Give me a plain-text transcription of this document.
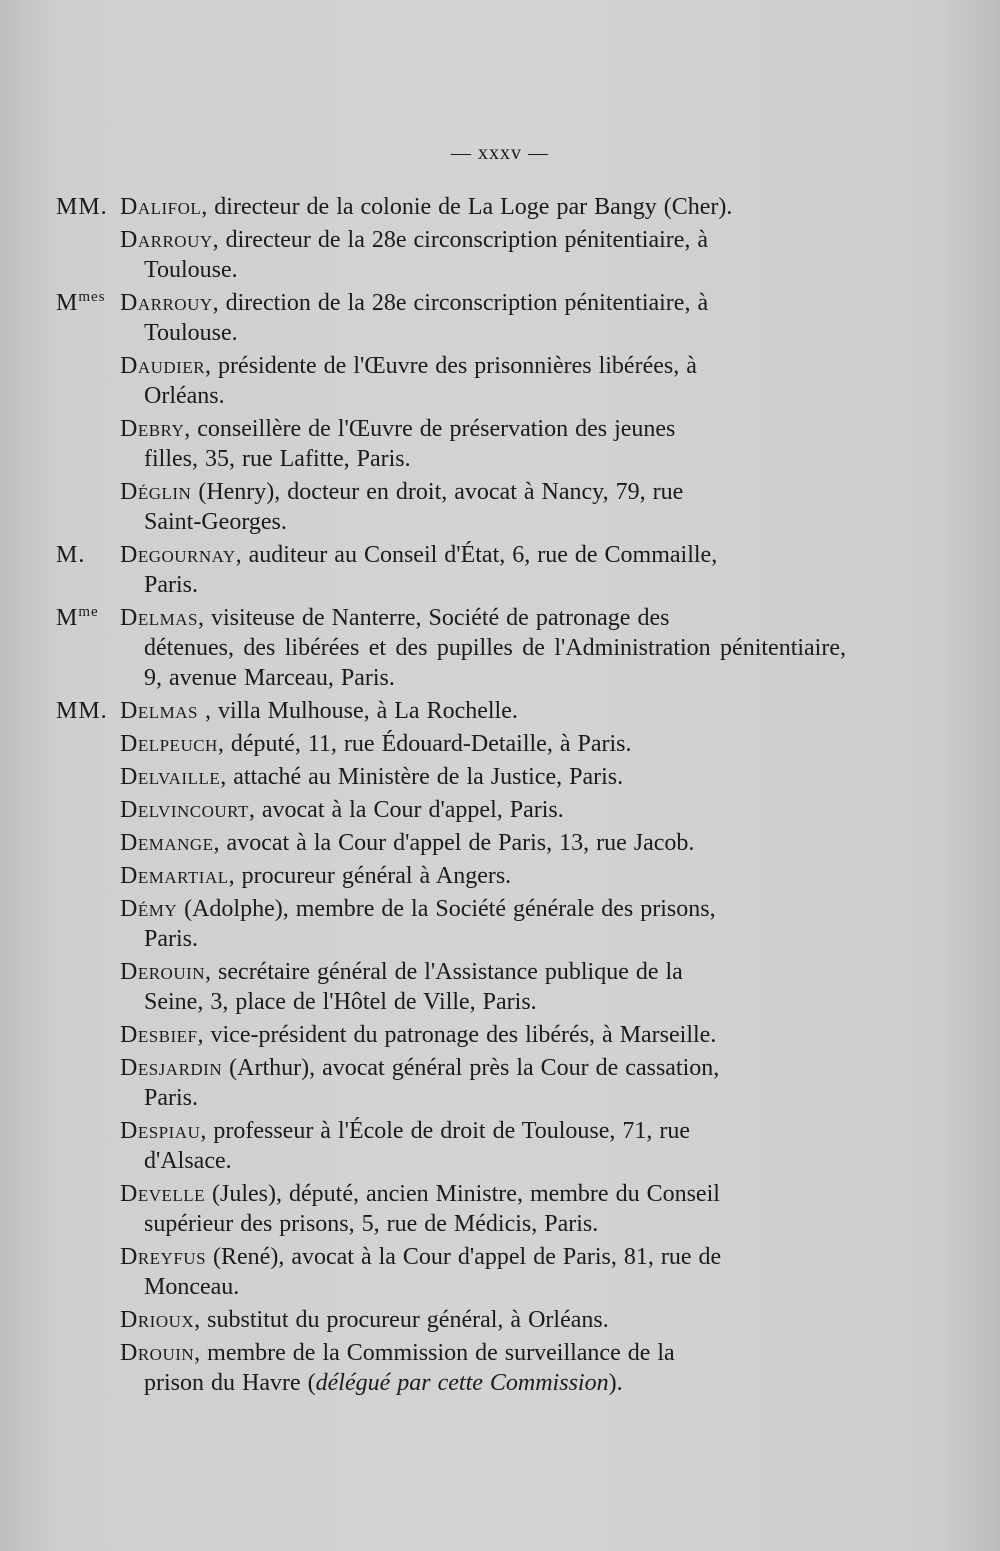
— xxxv —

MM. Dalifol, directeur de la colonie de La Loge par Bangy (Cher).

Darrouy, directeur de la 28e circonscription pénitentiaire, à
Toulouse.

$M^{mes}$ Darrouy, direction de la 28e circonscription pénitentiaire, à
Toulouse.

Daudier, présidente de l'Œuvre des prisonnières libérées, à
Orléans.

Debry, conseillère de l'Œuvre de préservation des jeunes
filles, 35, rue Lafitte, Paris.

Déglin (Henry), docteur en droit, avocat à Nancy, 79, rue
Saint-Georges.

M. Degournay, auditeur au Conseil d'État, 6, rue de Commaille,
Paris.

$M^{me}$ Delmas, visiteuse de Nanterre, Société de patronage des
détenues, des libérées et des pupilles de l'Administration pénitentiaire, 9, avenue Marceau, Paris.

MM. Delmas , villa Mulhouse, à La Rochelle.

Delpeuch, député, 11, rue Édouard-Detaille, à Paris.

Delvaille, attaché au Ministère de la Justice, Paris.

Delvincourt, avocat à la Cour d'appel, Paris.

Demange, avocat à la Cour d'appel de Paris, 13, rue Jacob.

Demartial, procureur général à Angers.

Démy (Adolphe), membre de la Société générale des prisons,
Paris.

Derouin, secrétaire général de l'Assistance publique de la
Seine, 3, place de l'Hôtel de Ville, Paris.

Desbief, vice-président du patronage des libérés, à Marseille.

Desjardin (Arthur), avocat général près la Cour de cassation,
Paris.

Despiau, professeur à l'École de droit de Toulouse, 71, rue
d'Alsace.

Develle (Jules), député, ancien Ministre, membre du Conseil
supérieur des prisons, 5, rue de Médicis, Paris.

Dreyfus (René), avocat à la Cour d'appel de Paris, 81, rue de
Monceau.

Drioux, substitut du procureur général, à Orléans.

Drouin, membre de la Commission de surveillance de la
prison du Havre (délégué par cette Commission).
